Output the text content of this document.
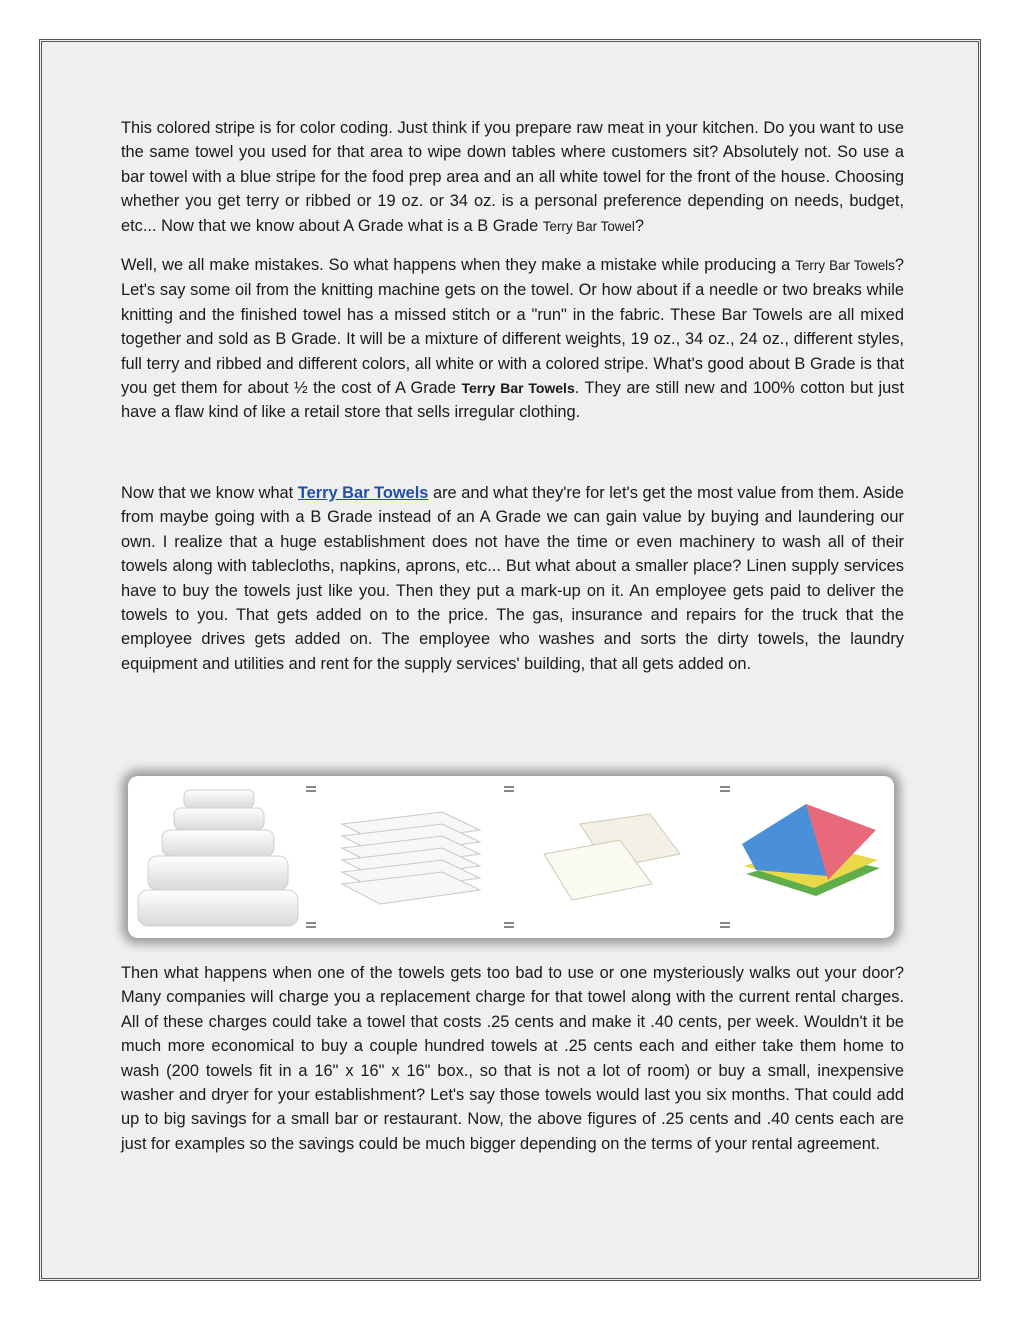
This colored stripe is for color coding. Just think if you prepare raw meat in your kitchen. Do you want to use the same towel you used for that area to wipe down tables where customers sit? Absolutely not. So use a bar towel with a blue stripe for the food prep area and an all white towel for the front of the house. Choosing whether you get terry or ribbed or 19 oz. or 34 oz. is a personal preference depending on needs, budget, etc... Now that we know about A Grade what is a B Grade Terry Bar Towel?

Well, we all make mistakes. So what happens when they make a mistake while producing a Terry Bar Towels? Let's say some oil from the knitting machine gets on the towel. Or how about if a needle or two breaks while knitting and the finished towel has a missed stitch or a "run" in the fabric. These Bar Towels are all mixed together and sold as B Grade. It will be a mixture of different weights, 19 oz., 34 oz., 24 oz., different styles, full terry and ribbed and different colors, all white or with a colored stripe. What's good about B Grade is that you get them for about ½ the cost of A Grade Terry Bar Towels. They are still new and 100% cotton but just have a flaw kind of like a retail store that sells irregular clothing.

Now that we know what Terry Bar Towels are and what they're for let's get the most value from them. Aside from maybe going with a B Grade instead of an A Grade we can gain value by buying and laundering our own. I realize that a huge establishment does not have the time or even machinery to wash all of their towels along with tablecloths, napkins, aprons, etc... But what about a smaller place? Linen supply services have to buy the towels just like you. Then they put a mark-up on it. An employee gets paid to deliver the towels to you. That gets added on to the price. The gas, insurance and repairs for the truck that the employee drives gets added on. The employee who washes and sorts the dirty towels, the laundry equipment and utilities and rent for the supply services' building, that all gets added on.

Then what happens when one of the towels gets too bad to use or one mysteriously walks out your door? Many companies will charge you a replacement charge for that towel along with the current rental charges. All of these charges could take a towel that costs .25 cents and make it .40 cents, per week. Wouldn't it be much more economical to buy a couple hundred towels at .25 cents each and either take them home to wash (200 towels fit in a 16" x 16" x 16" box., so that is not a lot of room) or buy a small, inexpensive washer and dryer for your establishment? Let's say those towels would last you six months. That could add up to big savings for a small bar or restaurant. Now, the above figures of .25 cents and .40 cents each are just for examples so the savings could be much bigger depending on the terms of your rental agreement.
